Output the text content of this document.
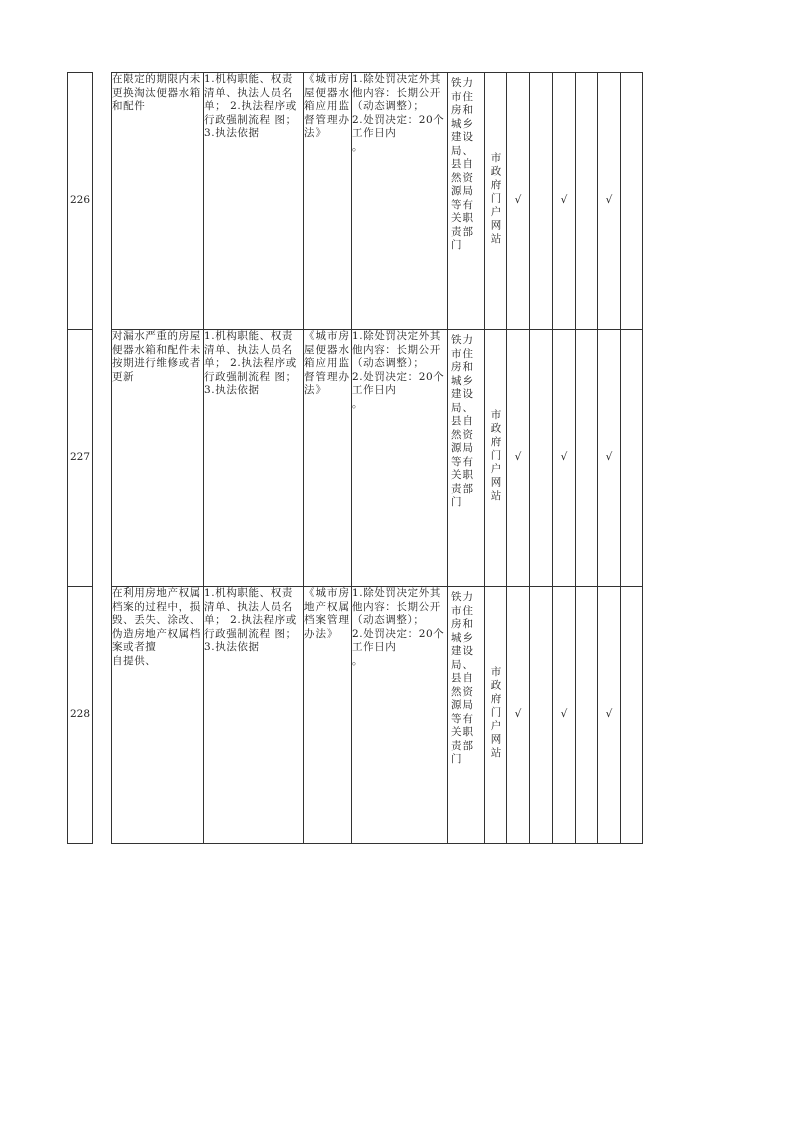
226		在限定的期限内未更换淘汰便器水箱和配件	1.机构职能、权责清单、执法人员名单； 2.执法程序或行政强制流程 图； 3.执法依据	《城市房屋便器水箱应用监督管理办法》	1.除处罚决定外其他内容：长期公开
（动态调整）；
2.处罚决定：20个工作日内
。	铁力市住房和城乡建设局、县自然资源局等有关职责部门	市政府门户网站	√		√		√	
227		对漏水严重的房屋便器水箱和配件未按期进行维修或者更新	1.机构职能、权责清单、执法人员名单； 2.执法程序或行政强制流程 图； 3.执法依据	《城市房屋便器水箱应用监督管理办法》	1.除处罚决定外其他内容：长期公开
（动态调整）；
2.处罚决定：20个工作日内
。	铁力市住房和城乡建设局、县自然资源局等有关职责部门	市政府门户网站	√		√		√	
228		在利用房地产权属档案的过程中，损毁、丢失、涂改、伪造房地产权属档案或者擅
自提供、	1.机构职能、权责清单、执法人员名单； 2.执法程序或行政强制流程 图； 3.执法依据	《城市房地产权属档案管理办法》	1.除处罚决定外其他内容：长期公开
（动态调整）；
2.处罚决定：20个工作日内
。	铁力市住房和城乡建设局、县自然资源局等有关职责部门	市政府门户网站	√		√		√	
